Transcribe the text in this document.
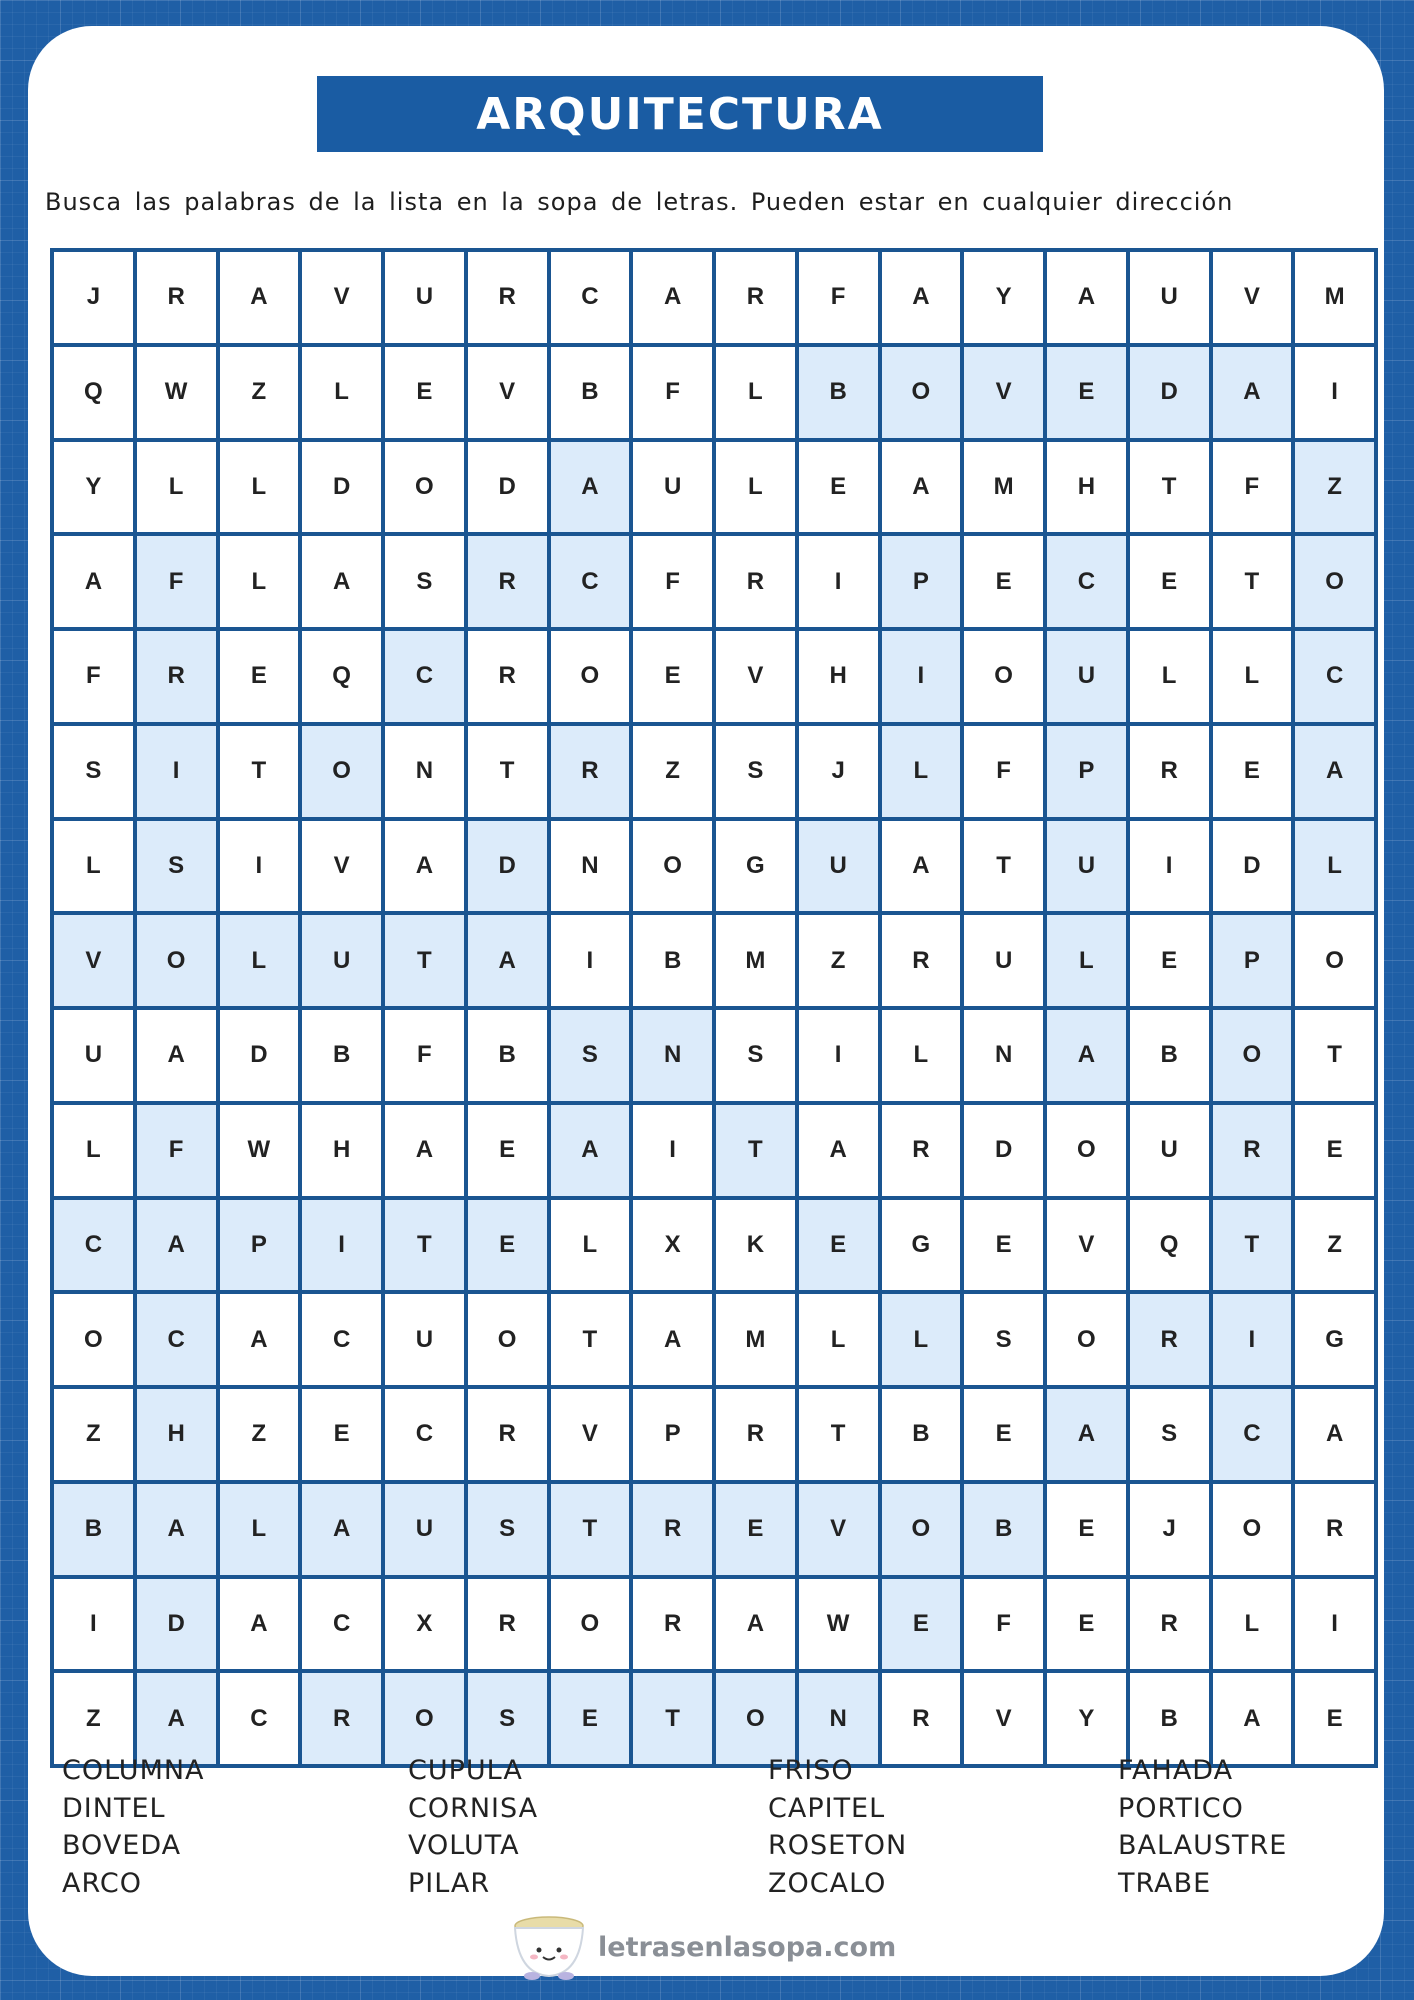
ARQUITECTURA
Busca las palabras de la lista en la sopa de letras. Pueden estar en cualquier dirección
J	R	A	V	U	R	C	A	R	F	A	Y	A	U	V	M
Q	W	Z	L	E	V	B	F	L	B	O	V	E	D	A	I
Y	L	L	D	O	D	A	U	L	E	A	M	H	T	F	Z
A	F	L	A	S	R	C	F	R	I	P	E	C	E	T	O
F	R	E	Q	C	R	O	E	V	H	I	O	U	L	L	C
S	I	T	O	N	T	R	Z	S	J	L	F	P	R	E	A
L	S	I	V	A	D	N	O	G	U	A	T	U	I	D	L
V	O	L	U	T	A	I	B	M	Z	R	U	L	E	P	O
U	A	D	B	F	B	S	N	S	I	L	N	A	B	O	T
L	F	W	H	A	E	A	I	T	A	R	D	O	U	R	E
C	A	P	I	T	E	L	X	K	E	G	E	V	Q	T	Z
O	C	A	C	U	O	T	A	M	L	L	S	O	R	I	G
Z	H	Z	E	C	R	V	P	R	T	B	E	A	S	C	A
B	A	L	A	U	S	T	R	E	V	O	B	E	J	O	R
I	D	A	C	X	R	O	R	A	W	E	F	E	R	L	I
Z	A	C	R	O	S	E	T	O	N	R	V	Y	B	A	E
COLUMNA
DINTEL
BOVEDA
ARCO
CUPULA
CORNISA
VOLUTA
PILAR
FRISO
CAPITEL
ROSETON
ZOCALO
FAHADA
PORTICO
BALAUSTRE
TRABE
letrasenlasopa.com
